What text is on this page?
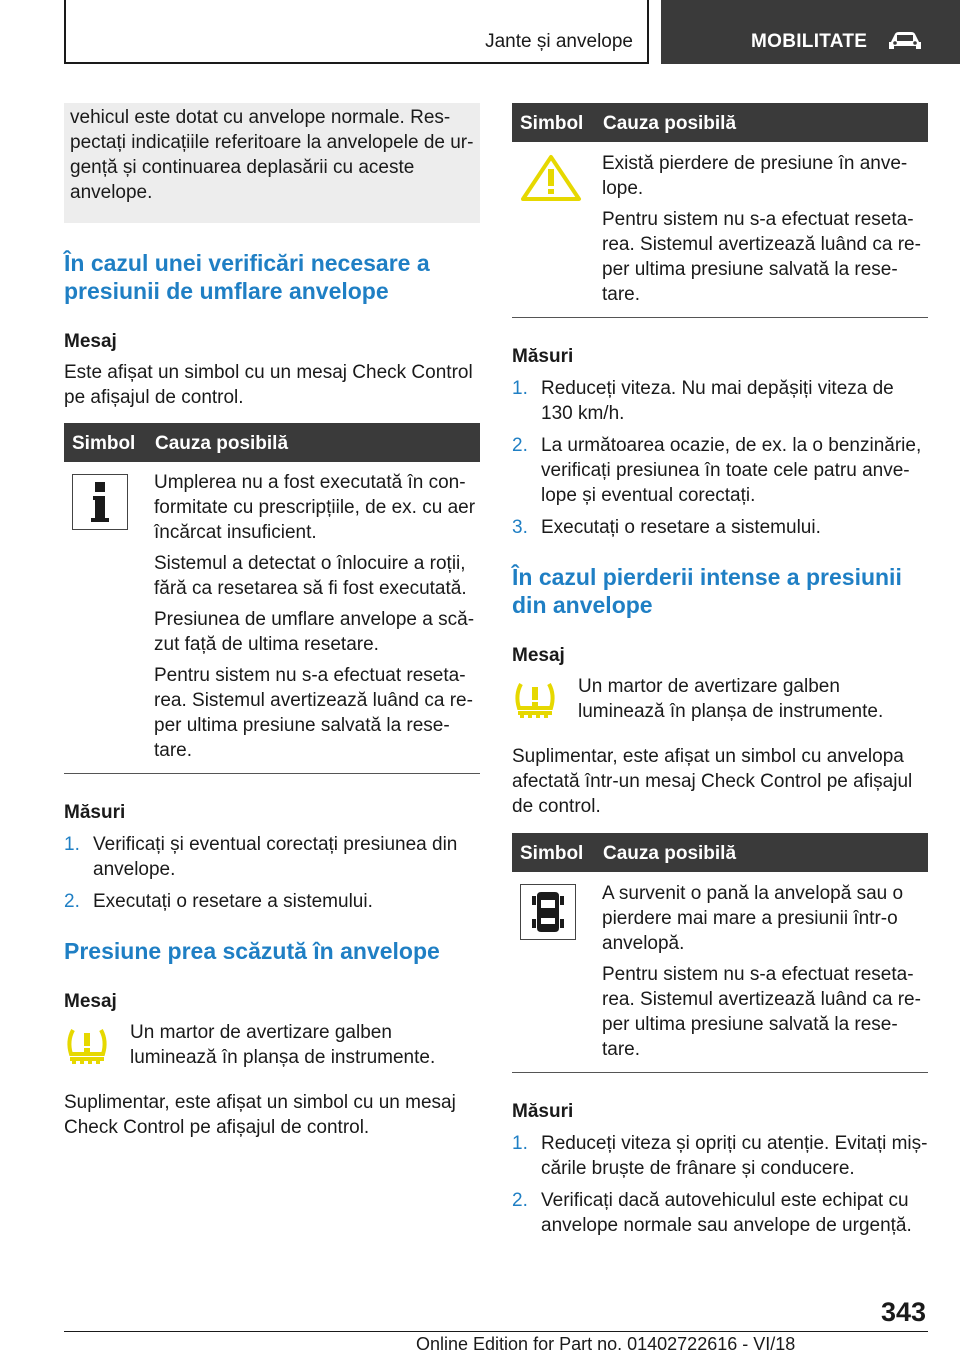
Jante și anvelope	MOBILITATE

vehicul este dotat cu anvelope normale. Res-pectați indicațiile referitoare la anvelopele de ur-gență și continuarea deplasării cu aceste anvelope.

În cazul unei verificări necesare a presiunii de umflare anvelope
Mesaj

Este afișat un simbol cu un mesaj Check Control pe afișajul de control.

Simbol Cauza posibilă

Umplerea nu a fost executată în con-formitate cu prescripțiile, de ex. cu aer încărcat insuficient.

Sistemul a detectat o înlocuire a roții, fără ca resetarea să fi fost executată.

Presiunea de umflare anvelope a scă-zut față de ultima resetare.

Pentru sistem nu s-a efectuat reseta-rea. Sistemul avertizează luând ca re-per ultima presiune salvată la rese-tare.

Măsuri
1. Verificați și eventual corectați presiunea din anvelope.
2. Executați o resetare a sistemului.
Presiune prea scăzută în anvelope
Mesaj

Un martor de avertizare galben luminează în planșa de instrumente.

Suplimentar, este afișat un simbol cu un mesaj Check Control pe afișajul de control.

Simbol Cauza posibilă

Există pierdere de presiune în anve-lope.

Pentru sistem nu s-a efectuat reseta-rea. Sistemul avertizează luând ca re-per ultima presiune salvată la rese-tare.

Măsuri
1. Reduceți viteza. Nu mai depășiți viteza de 130 km/h.
2. La următoarea ocazie, de ex. la o benzinărie, verificați presiunea în toate cele patru anve-lope și eventual corectați.
3. Executați o resetare a sistemului.
În cazul pierderii intense a presiunii din anvelope
Mesaj

Un martor de avertizare galben luminează în planșa de instrumente.

Suplimentar, este afișat un simbol cu anvelopa afectată într-un mesaj Check Control pe afișajul de control.

Simbol Cauza posibilă

A survenit o pană la anvelopă sau o pierdere mai mare a presiunii într-o anvelopă.

Pentru sistem nu s-a efectuat reseta-rea. Sistemul avertizează luând ca re-per ultima presiune salvată la rese-tare.

Măsuri
1. Reduceți viteza și opriți cu atenție. Evitați miș-cările bruște de frânare și conducere.
2. Verificați dacă autovehiculul este echipat cu anvelope normale sau anvelope de urgență.
343
Online Edition for Part no. 01402722616 - VI/18
